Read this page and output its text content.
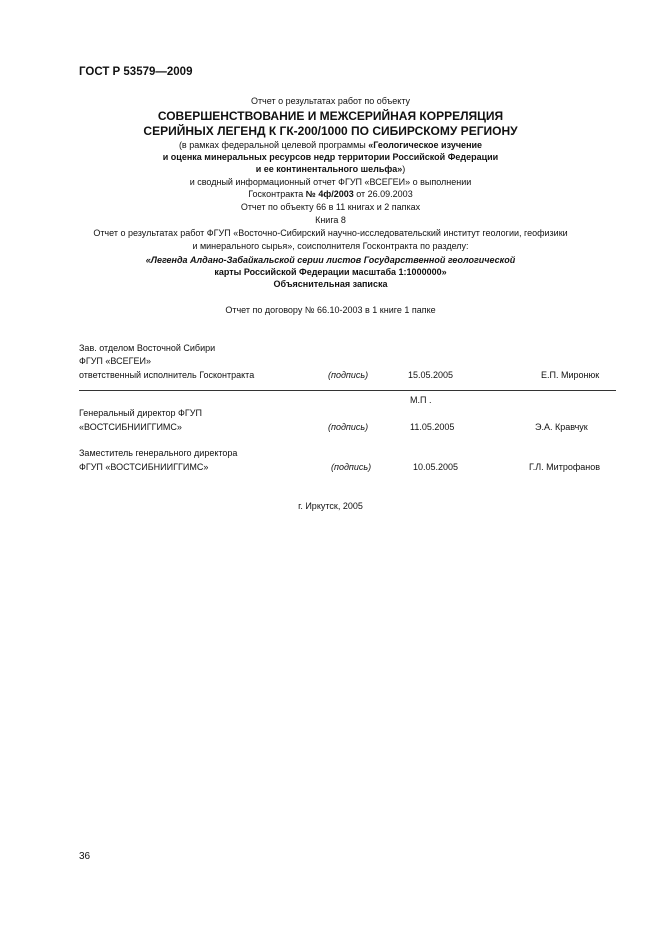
ГОСТ Р 53579—2009
Отчет о результатах работ по объекту
СОВЕРШЕНСТВОВАНИЕ И МЕЖСЕРИЙНАЯ КОРРЕЛЯЦИЯ
СЕРИЙНЫХ ЛЕГЕНД К ГК-200/1000 ПО СИБИРСКОМУ РЕГИОНУ
(в рамках федеральной целевой программы «Геологическое изучение
и оценка минеральных ресурсов недр территории Российской Федерации
и ее континентального шельфа»)
и сводный информационный отчет ФГУП «ВСЕГЕИ» о выполнении
Госконтракта № 4ф/2003 от 26.09.2003
Отчет по объекту 66 в 11 книгах и 2 папках
Книга 8
Отчет о результатах работ ФГУП «Восточно-Сибирский научно-исследовательский институт геологии, геофизики
и минерального сырья», соисполнителя Госконтракта по разделу:
«Легенда Алдано-Забайкальской серии листов Государственной геологической
карты Российской Федерации масштаба 1:1000000»
Объяснительная записка
Отчет по договору № 66.10-2003 в 1 книге 1 папке
Зав. отделом Восточной Сибири
ФГУП «ВСЕГЕИ»
ответственный исполнитель Госконтракта	(подпись)	15.05.2005	Е.П. Миронюк
М.П .
Генеральный директор ФГУП
«ВОСТСИБНИИГГИМС»	(подпись)	11.05.2005	Э.А. Кравчук
Заместитель генерального директора
ФГУП «ВОСТСИБНИИГГИМС»	(подпись)	10.05.2005	Г.Л. Митрофанов
г. Иркутск, 2005
36
